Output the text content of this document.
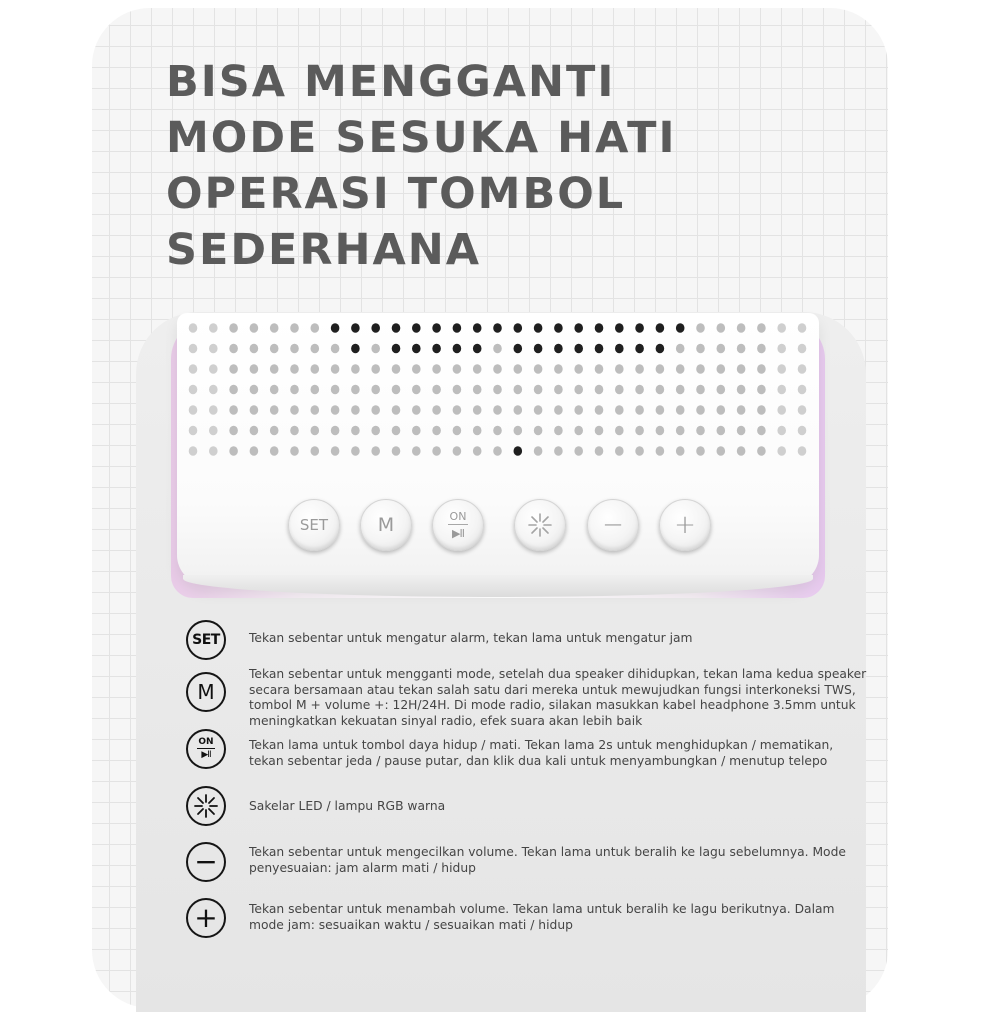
BISA MENGGANTI
MODE SESUKA HATI
OPERASI TOMBOL
SEDERHANA
SET	M	ON
▶II	− +
SET Tekan sebentar untuk mengatur alarm, tekan lama untuk mengatur jam

M

Tekan sebentar untuk mengganti mode, setelah dua speaker dihidupkan, tekan lama kedua speaker
secara bersamaan atau tekan salah satu dari mereka untuk mewujudkan fungsi interkoneksi TWS,
tombol M + volume +: 12H/24H. Di mode radio, silakan masukkan kabel headphone 3.5mm untuk
meningkatkan kekuatan sinyal radio, efek suara akan lebih baik

ON
▶II

Tekan lama untuk tombol daya hidup / mati. Tekan lama 2s untuk menghidupkan / mematikan,
tekan sebentar jeda / pause putar, dan klik dua kali untuk menyambungkan / menutup telepo

Sakelar LED / lampu RGB warna

−	Tekan sebentar untuk mengecilkan volume. Tekan lama untuk beralih ke lagu sebelumnya. Mode
penyesuaian: jam alarm mati / hidup

+	Tekan sebentar untuk menambah volume. Tekan lama untuk beralih ke lagu berikutnya. Dalam
mode jam: sesuaikan waktu / sesuaikan mati / hidup
